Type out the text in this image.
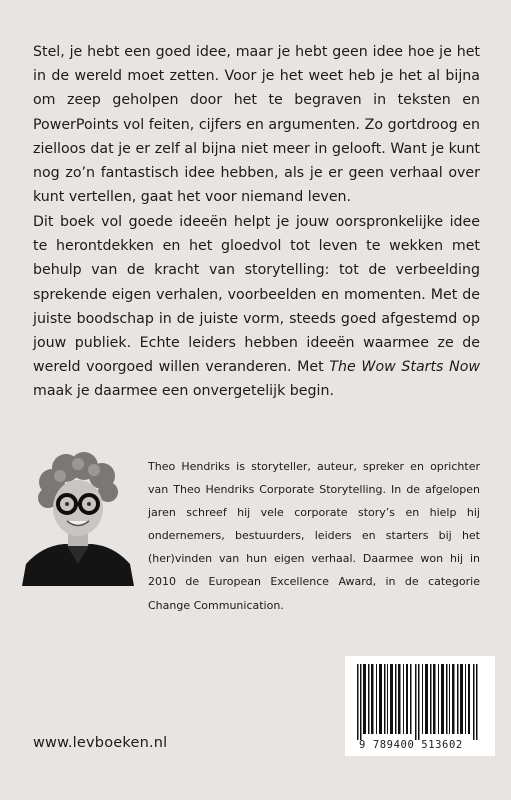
Stel, je hebt een goed idee, maar je hebt geen idee hoe je het in de wereld moet zetten. Voor je het weet heb je het al bijna om zeep geholpen door het te begraven in teksten en PowerPoints vol feiten, cijfers en argumenten. Zo gortdroog en zielloos dat je er zelf al bijna niet meer in gelooft. Want je kunt nog zo’n fantastisch idee hebben, als je er geen verhaal over kunt vertellen, gaat het voor niemand leven.

Dit boek vol goede ideeën helpt je jouw oorspronkelijke idee te herontdekken en het gloedvol tot leven te wekken met behulp van de kracht van storytelling: tot de verbeelding sprekende eigen verhalen, voorbeelden en momenten. Met de juiste boodschap in de juiste vorm, steeds goed afgestemd op jouw publiek. Echte leiders hebben ideeën waarmee ze de wereld voorgoed willen veranderen. Met The Wow Starts Now maak je daarmee een onvergetelijk begin.

Theo Hendriks is storyteller, auteur, spreker en oprichter van Theo Hendriks Corporate Storytelling. In de afgelopen jaren schreef hij vele corporate story’s en hielp hij ondernemers, bestuurders, leiders en starters bij het (her)vinden van hun eigen verhaal. Daarmee won hij in 2010 de European Excellence Award, in de categorie Change Communication.

www.levboeken.nl	9 789400 513602
